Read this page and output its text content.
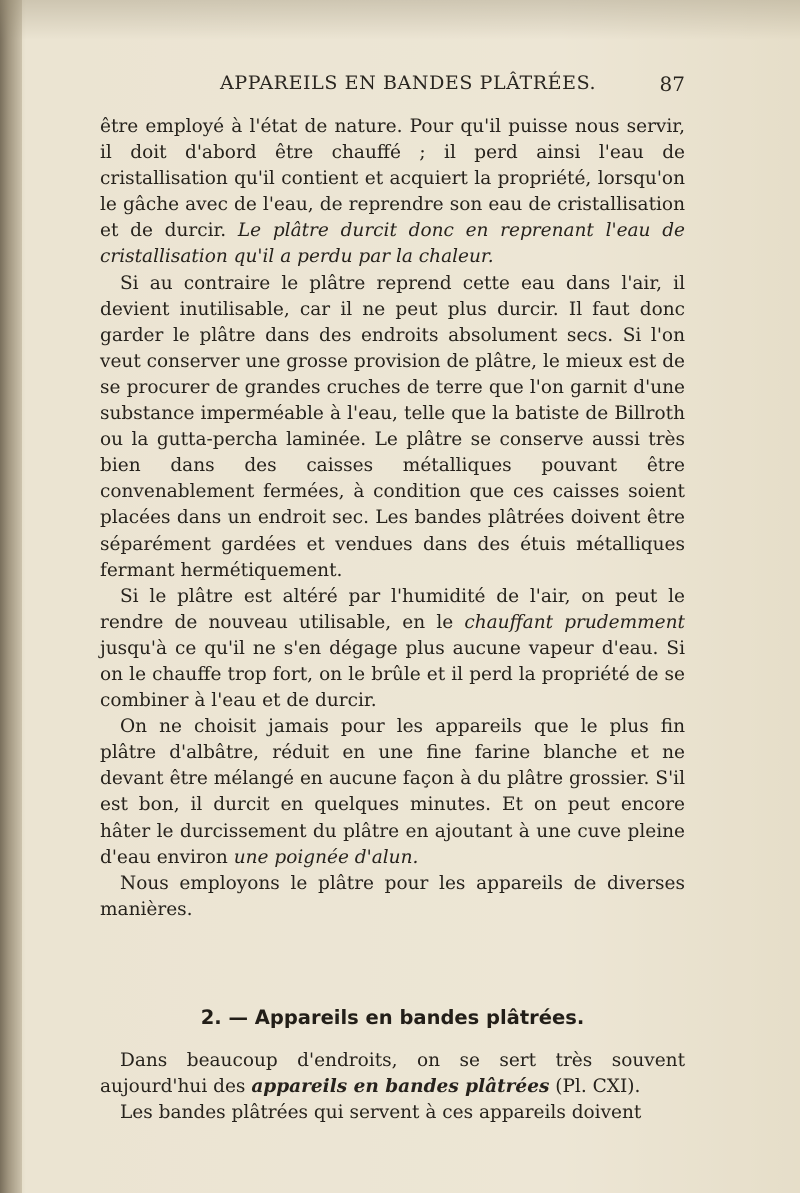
APPAREILS EN BANDES PLÂTRÉES.	87

être employé à l'état de nature. Pour qu'il puisse nous servir, il doit d'abord être chauffé ; il perd ainsi l'eau de cristallisation qu'il contient et acquiert la propriété, lorsqu'on le gâche avec de l'eau, de reprendre son eau de cristallisation et de durcir. Le plâtre durcit donc en reprenant l'eau de cristallisation qu'il a perdu par la chaleur.

Si au contraire le plâtre reprend cette eau dans l'air, il devient inutilisable, car il ne peut plus durcir. Il faut donc garder le plâtre dans des endroits absolument secs. Si l'on veut conserver une grosse provision de plâtre, le mieux est de se procurer de grandes cruches de terre que l'on garnit d'une substance imperméable à l'eau, telle que la batiste de Billroth ou la gutta-percha laminée. Le plâtre se conserve aussi très bien dans des caisses métalliques pouvant être convenablement fermées, à condition que ces caisses soient placées dans un endroit sec. Les bandes plâtrées doivent être séparément gardées et vendues dans des étuis métalliques fermant hermétiquement.

Si le plâtre est altéré par l'humidité de l'air, on peut le rendre de nouveau utilisable, en le chauffant prudemment jusqu'à ce qu'il ne s'en dégage plus aucune vapeur d'eau. Si on le chauffe trop fort, on le brûle et il perd la propriété de se combiner à l'eau et de durcir.

On ne choisit jamais pour les appareils que le plus fin plâtre d'albâtre, réduit en une fine farine blanche et ne devant être mélangé en aucune façon à du plâtre grossier. S'il est bon, il durcit en quelques minutes. Et on peut encore hâter le durcissement du plâtre en ajoutant à une cuve pleine d'eau environ une poignée d'alun.

Nous employons le plâtre pour les appareils de diverses manières.

2. — Appareils en bandes plâtrées.

Dans beaucoup d'endroits, on se sert très souvent aujourd'hui des appareils en bandes plâtrées (Pl. CXI).

Les bandes plâtrées qui servent à ces appareils doivent
